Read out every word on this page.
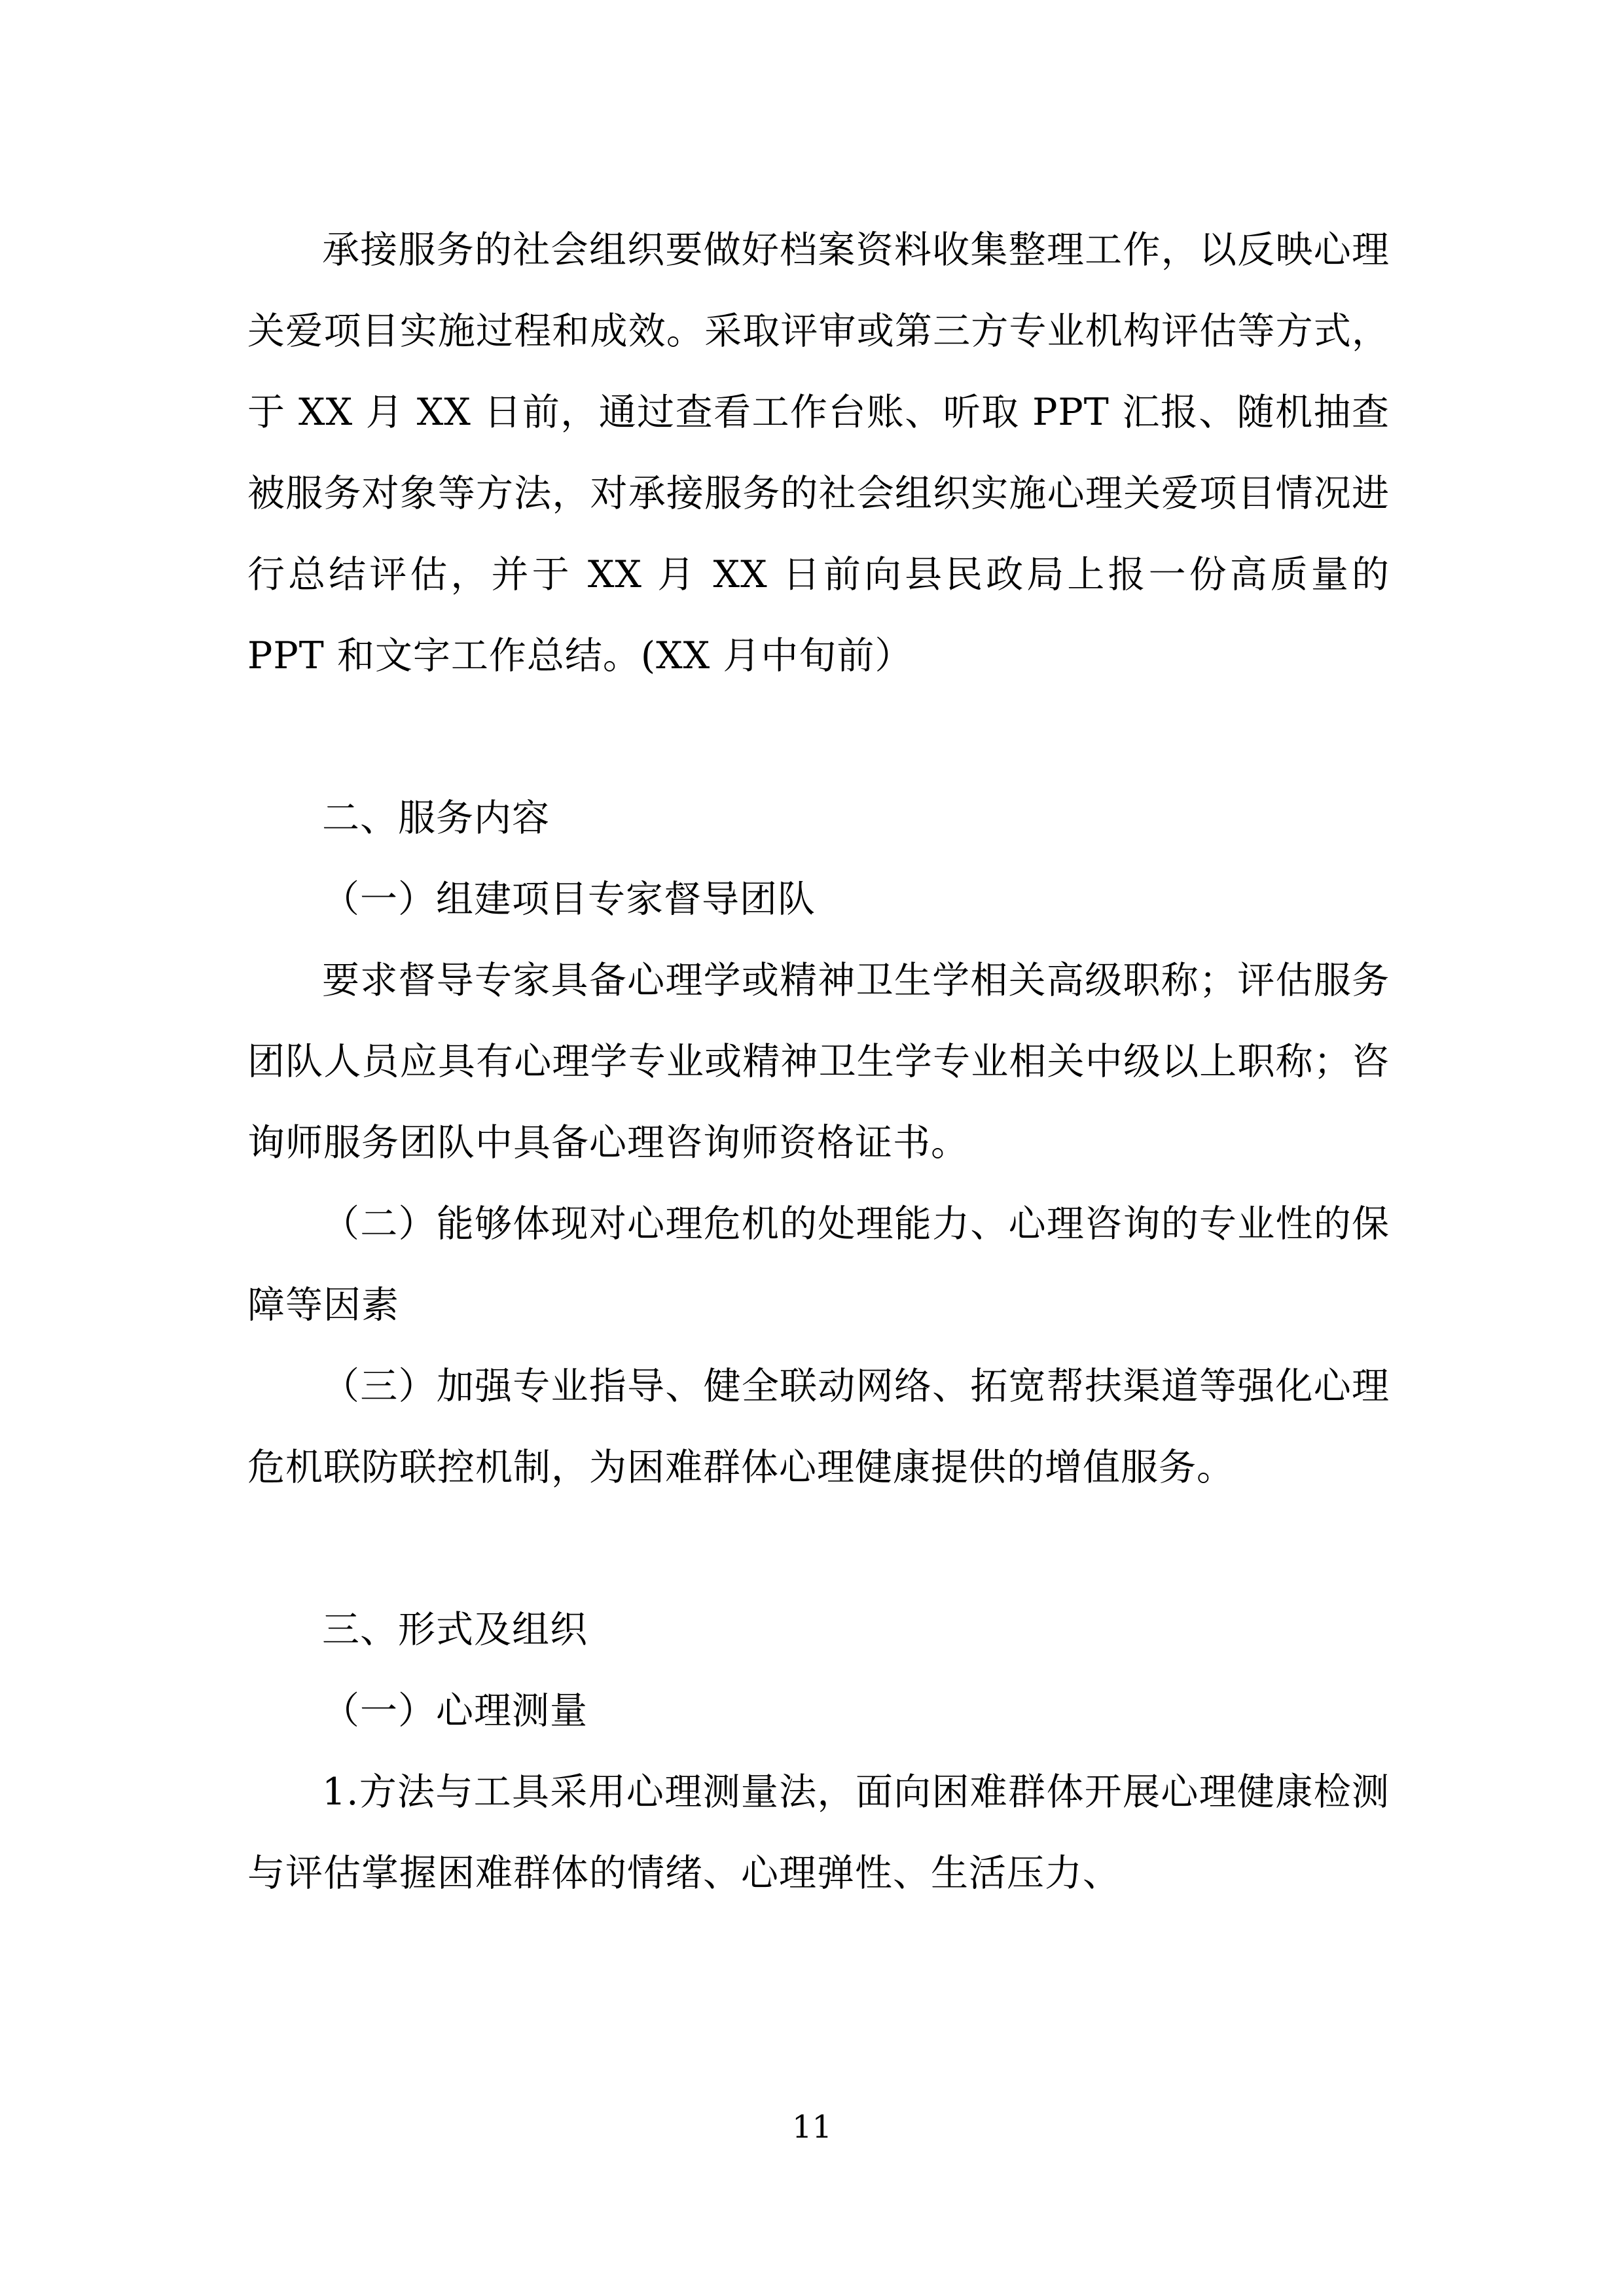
承接服务的社会组织要做好档案资料收集整理工作，以反映心理关爱项目实施过程和成效。采取评审或第三方专业机构评估等方式，于 XX 月 XX 日前，通过查看工作台账、听取 PPT 汇报、随机抽查被服务对象等方法，对承接服务的社会组织实施心理关爱项目情况进行总结评估，并于 XX 月 XX 日前向县民政局上报一份高质量的 PPT 和文字工作总结。(XX 月中旬前）

二、服务内容

（一）组建项目专家督导团队

要求督导专家具备心理学或精神卫生学相关高级职称；评估服务团队人员应具有心理学专业或精神卫生学专业相关中级以上职称；咨询师服务团队中具备心理咨询师资格证书。

（二）能够体现对心理危机的处理能力、心理咨询的专业性的保障等因素

（三）加强专业指导、健全联动网络、拓宽帮扶渠道等强化心理危机联防联控机制，为困难群体心理健康提供的增值服务。

三、形式及组织

（一）心理测量

1.方法与工具采用心理测量法，面向困难群体开展心理健康检测与评估掌握困难群体的情绪、心理弹性、生活压力、

11
